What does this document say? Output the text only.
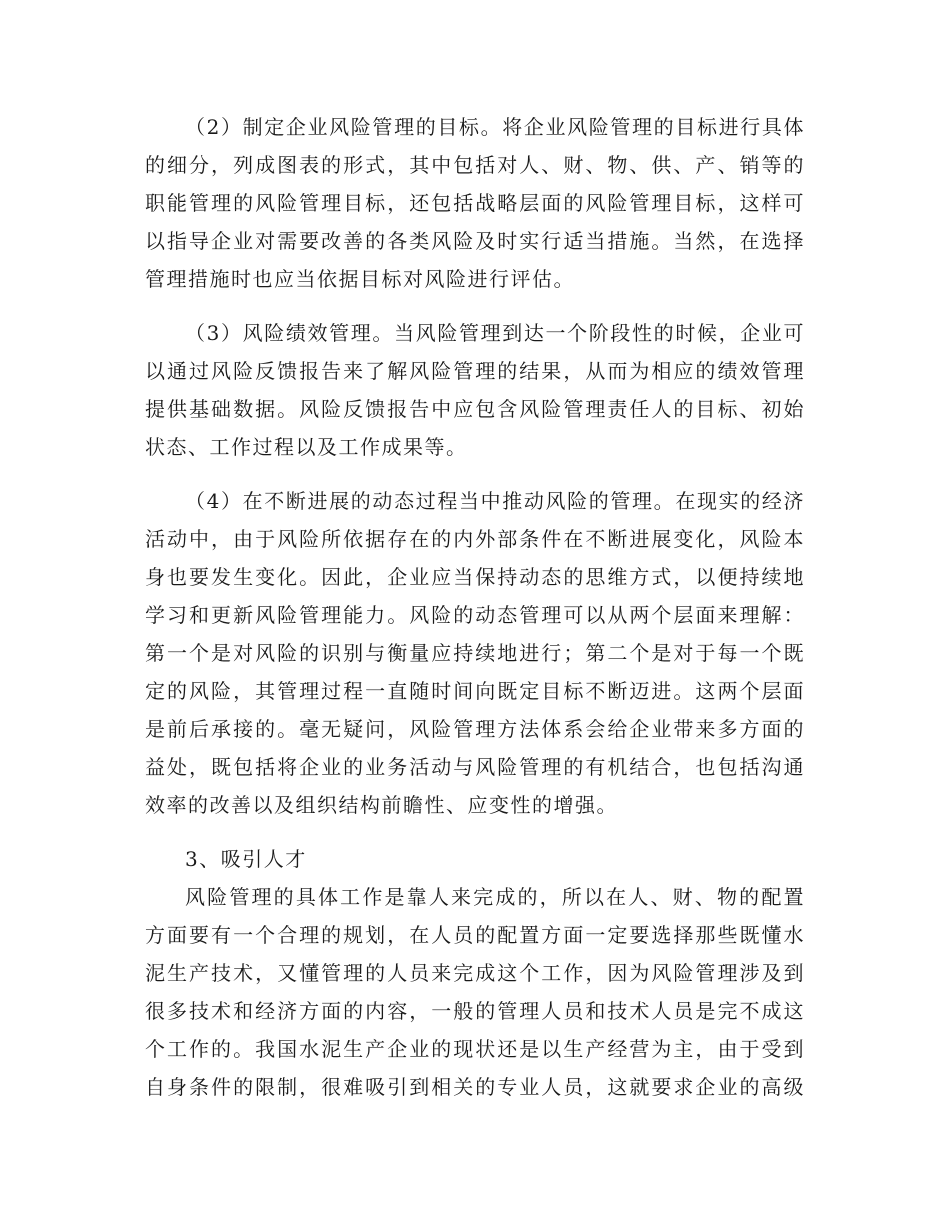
（2）制定企业风险管理的目标。将企业风险管理的目标进行具体
的细分，列成图表的形式，其中包括对人、财、物、供、产、销等的
职能管理的风险管理目标，还包括战略层面的风险管理目标，这样可
以指导企业对需要改善的各类风险及时实行适当措施。当然，在选择
管理措施时也应当依据目标对风险进行评估。
（3）风险绩效管理。当风险管理到达一个阶段性的时候，企业可
以通过风险反馈报告来了解风险管理的结果，从而为相应的绩效管理
提供基础数据。风险反馈报告中应包含风险管理责任人的目标、初始
状态、工作过程以及工作成果等。
（4）在不断进展的动态过程当中推动风险的管理。在现实的经济
活动中，由于风险所依据存在的内外部条件在不断进展变化，风险本
身也要发生变化。因此，企业应当保持动态的思维方式，以便持续地
学习和更新风险管理能力。风险的动态管理可以从两个层面来理解：
第一个是对风险的识别与衡量应持续地进行；第二个是对于每一个既
定的风险，其管理过程一直随时间向既定目标不断迈进。这两个层面
是前后承接的。毫无疑问，风险管理方法体系会给企业带来多方面的
益处，既包括将企业的业务活动与风险管理的有机结合，也包括沟通
效率的改善以及组织结构前瞻性、应变性的增强。
3、吸引人才
风险管理的具体工作是靠人来完成的，所以在人、财、物的配置
方面要有一个合理的规划，在人员的配置方面一定要选择那些既懂水
泥生产技术，又懂管理的人员来完成这个工作，因为风险管理涉及到
很多技术和经济方面的内容，一般的管理人员和技术人员是完不成这
个工作的。我国水泥生产企业的现状还是以生产经营为主，由于受到
自身条件的限制，很难吸引到相关的专业人员，这就要求企业的高级
